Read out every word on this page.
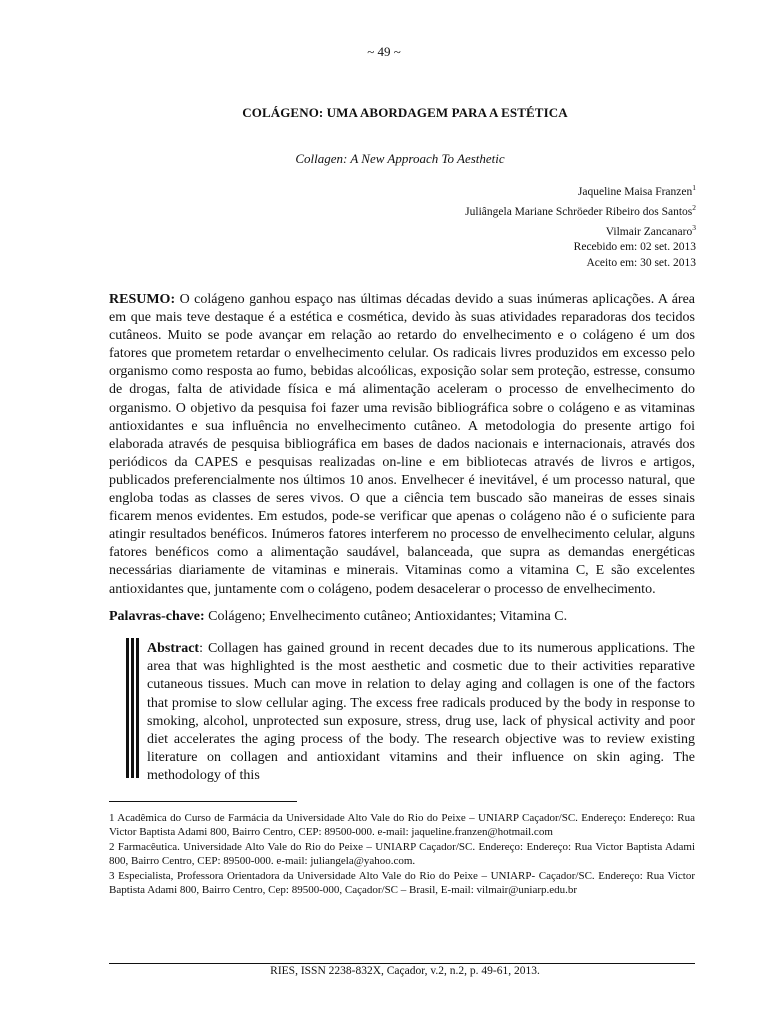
~ 49 ~
COLÁGENO: UMA ABORDAGEM PARA A ESTÉTICA
Collagen: A New Approach To Aesthetic
Jaqueline Maisa Franzen$^1$
Juliângela Mariane Schröeder Ribeiro dos Santos$^2$
Vilmair Zancanaro$^3$
Recebido em: 02 set. 2013
Aceito em: 30 set. 2013
RESUMO: O colágeno ganhou espaço nas últimas décadas devido a suas inúmeras aplicações. A área em que mais teve destaque é a estética e cosmética, devido às suas atividades reparadoras dos tecidos cutâneos. Muito se pode avançar em relação ao retardo do envelhecimento e o colágeno é um dos fatores que prometem retardar o envelhecimento celular. Os radicais livres produzidos em excesso pelo organismo como resposta ao fumo, bebidas alcoólicas, exposição solar sem proteção, estresse, consumo de drogas, falta de atividade física e má alimentação aceleram o processo de envelhecimento do organismo. O objetivo da pesquisa foi fazer uma revisão bibliográfica sobre o colágeno e as vitaminas antioxidantes e sua influência no envelhecimento cutâneo. A metodologia do presente artigo foi elaborada através de pesquisa bibliográfica em bases de dados nacionais e internacionais, através dos periódicos da CAPES e pesquisas realizadas on-line e em bibliotecas através de livros e artigos, publicados preferencialmente nos últimos 10 anos. Envelhecer é inevitável, é um processo natural, que engloba todas as classes de seres vivos. O que a ciência tem buscado são maneiras de esses sinais ficarem menos evidentes. Em estudos, pode-se verificar que apenas o colágeno não é o suficiente para atingir resultados benéficos. Inúmeros fatores interferem no processo de envelhecimento celular, alguns fatores benéficos como a alimentação saudável, balanceada, que supra as demandas energéticas necessárias diariamente de vitaminas e minerais. Vitaminas como a vitamina C, E são excelentes antioxidantes que, juntamente com o colágeno, podem desacelerar o processo de envelhecimento.
Palavras-chave: Colágeno; Envelhecimento cutâneo; Antioxidantes; Vitamina C.
Abstract: Collagen has gained ground in recent decades due to its numerous applications. The area that was highlighted is the most aesthetic and cosmetic due to their activities reparative cutaneous tissues. Much can move in relation to delay aging and collagen is one of the factors that promise to slow cellular aging. The excess free radicals produced by the body in response to smoking, alcohol, unprotected sun exposure, stress, drug use, lack of physical activity and poor diet accelerates the aging process of the body. The research objective was to review existing literature on collagen and antioxidant vitamins and their influence on skin aging. The methodology of this

1 Acadêmica do Curso de Farmácia da Universidade Alto Vale do Rio do Peixe – UNIARP Caçador/SC. Endereço: Endereço: Rua Victor Baptista Adami 800, Bairro Centro, CEP: 89500-000. e-mail: jaqueline.franzen@hotmail.com

2 Farmacêutica. Universidade Alto Vale do Rio do Peixe – UNIARP Caçador/SC. Endereço: Endereço: Rua Victor Baptista Adami 800, Bairro Centro, CEP: 89500-000. e-mail: juliangela@yahoo.com.

3 Especialista, Professora Orientadora da Universidade Alto Vale do Rio do Peixe – UNIARP- Caçador/SC. Endereço: Rua Victor Baptista Adami 800, Bairro Centro, Cep: 89500-000, Caçador/SC – Brasil, E-mail: vilmair@uniarp.edu.br

RIES, ISSN 2238-832X, Caçador, v.2, n.2, p. 49-61, 2013.
